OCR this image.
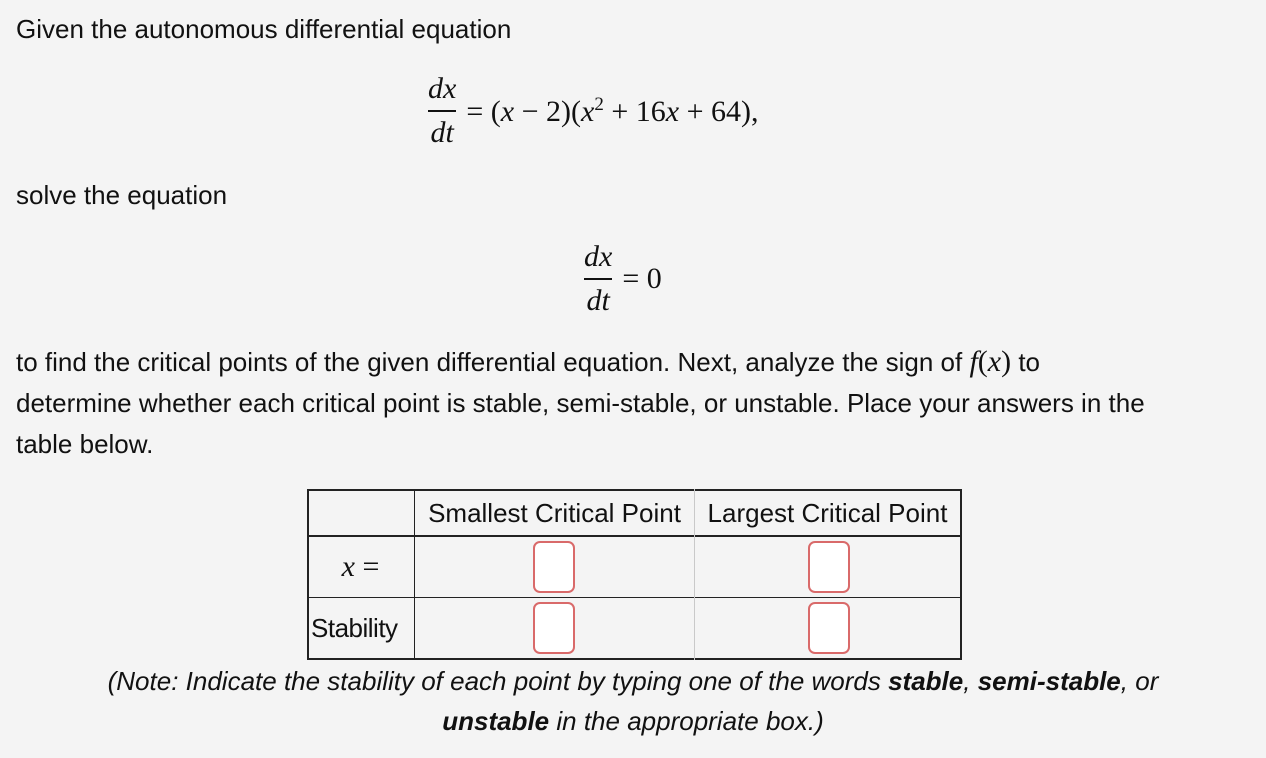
Given the autonomous differential equation
$\frac{dx}{dt} = (x - 2)(x^2 + 16x + 64)$,
solve the equation
$\frac{dx}{dt} = 0$
to find the critical points of the given differential equation. Next, analyze the sign of f(x) to
determine whether each critical point is stable, semi-stable, or unstable. Place your answers in the
table below.
Smallest Critical Point	Largest Critical Point
x =
Stability
(Note: Indicate the stability of each point by typing one of the words stable, semi-stable, or
unstable in the appropriate box.)
